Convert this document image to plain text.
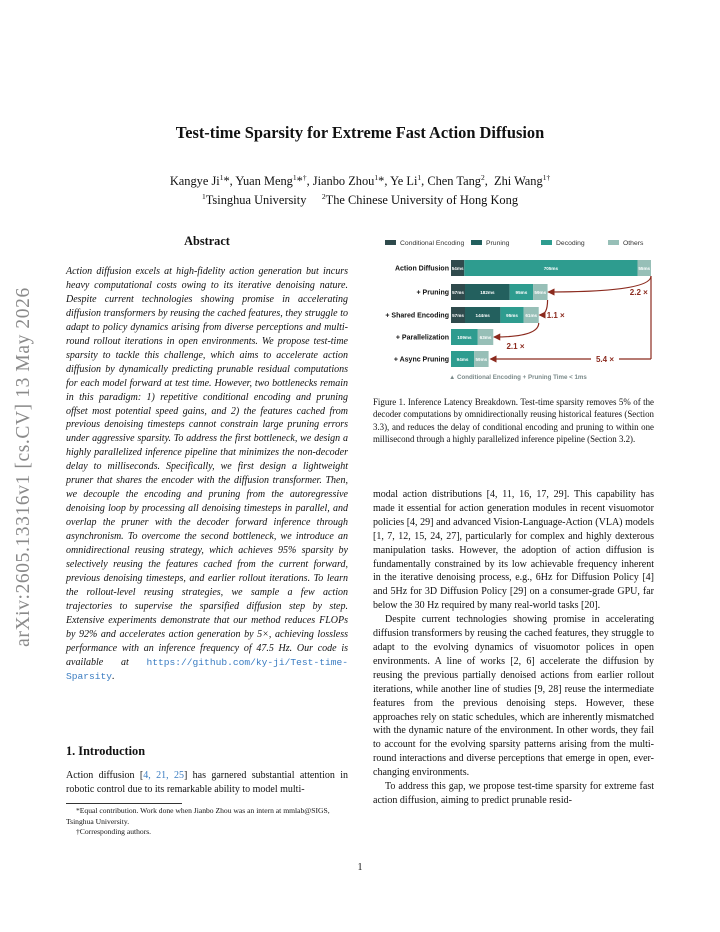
arXiv:2605.13316v1 [cs.CV] 13 May 2026
Test-time Sparsity for Extreme Fast Action Diffusion
Kangye Ji$^1$*, Yuan Meng$^1$*†, Jianbo Zhou$^1$*, Ye Li$^1$, Chen Tang$^2$,  Zhi Wang$^{1\dagger}$
$^1$Tsinghua University     $^2$The Chinese University of Hong Kong
Abstract
Action diffusion excels at high-fidelity action generation but incurs heavy computational costs owing to its iterative denoising nature. Despite current technologies showing promise in accelerating diffusion transformers by reusing the cached features, they struggle to adapt to policy dynamics arising from diverse perceptions and multi-round rollout iterations in open environments. We propose test-time sparsity to tackle this challenge, which aims to accelerate action diffusion by dynamically predicting prunable residual computations for each model forward at test time. However, two bottlenecks remain in this paradigm: 1) repetitive conditional encoding and pruning offset most potential speed gains, and 2) the features cached from previous denoising timesteps cannot constrain large pruning errors under aggressive sparsity. To address the first bottleneck, we design a highly parallelized inference pipeline that minimizes the non-decoder delay to milliseconds. Specifically, we first design a lightweight pruner that shares the encoder with the diffusion transformer. Then, we decouple the encoding and pruning from the autoregressive denoising loop by processing all denoising timesteps in parallel, and overlap the pruner with the decoder forward inference through asynchronism. To overcome the second bottleneck, we introduce an omnidirectional reusing strategy, which achieves 95% sparsity by selectively reusing the features cached from the current forward, previous denoising timesteps, and earlier rollout iterations. To learn the rollout-level reusing strategies, we sample a few action trajectories to supervise the sparsified diffusion step by step. Extensive experiments demonstrate that our method reduces FLOPs by 92% and accelerates action generation by 5×, achieving lossless performance with an inference frequency of 47.5 Hz. Our code is available at https://github.com/ky-ji/Test-time-Sparsity.
1. Introduction
Action diffusion [4, 21, 25] has garnered substantial attention in robotic control due to its remarkable ability to model multi-
*Equal contribution. Work done when Jianbo Zhou was an intern at mmlab@SIGS, Tsinghua University.
†Corresponding authors.
Conditional Encoding	Pruning	Decoding	Others
Action Diffusion 54ms	705ms	55ms
+ Pruning 57ms	182ms	95ms 59ms
+ Shared Encoding 57ms	144ms	95ms 61ms
+ Parallelization 109ms 63ms
+ Async Pruning 94ms 59ms
2.2 ×
1.1 ×
2.1 ×
5.4 ×
▲ Conditional Encoding + Pruning Time < 1ms
Figure 1. Inference Latency Breakdown. Test-time sparsity removes 5% of the decoder computations by omnidirectionally reusing historical features (Section 3.3), and reduces the delay of conditional encoding and pruning to within one millisecond through a highly parallelized inference pipeline (Section 3.2).

modal action distributions [4, 11, 16, 17, 29]. This capability has made it essential for action generation modules in recent visuomotor policies [4, 29] and advanced Vision-Language-Action (VLA) models [1, 7, 12, 15, 24, 27], particularly for complex and highly dexterous manipulation tasks. However, the adoption of action diffusion is fundamentally constrained by its low achievable frequency inherent in the iterative denoising process, e.g., 6Hz for Diffusion Policy [4] and 5Hz for 3D Diffusion Policy [29] on a consumer-grade GPU, far below the 30 Hz required by many real-world tasks [20].

Despite current technologies showing promise in accelerating diffusion transformers by reusing the cached features, they struggle to adapt to the evolving dynamics of visuomotor polices in open environments. A line of works [2, 6] accelerate the diffusion by reusing the previous partially denoised actions from earlier rollout iterations, while another line of studies [9, 28] reuse the intermediate features from the previous denoising steps. However, these approaches rely on static schedules, which are inherently mismatched with the dynamic nature of the environment. In other words, they fail to account for the evolving sparsity patterns arising from the multi-round interactions and diverse perceptions that emerge in open, ever-changing environments.

To address this gap, we propose test-time sparsity for extreme fast action diffusion, aiming to predict prunable resid-

1
